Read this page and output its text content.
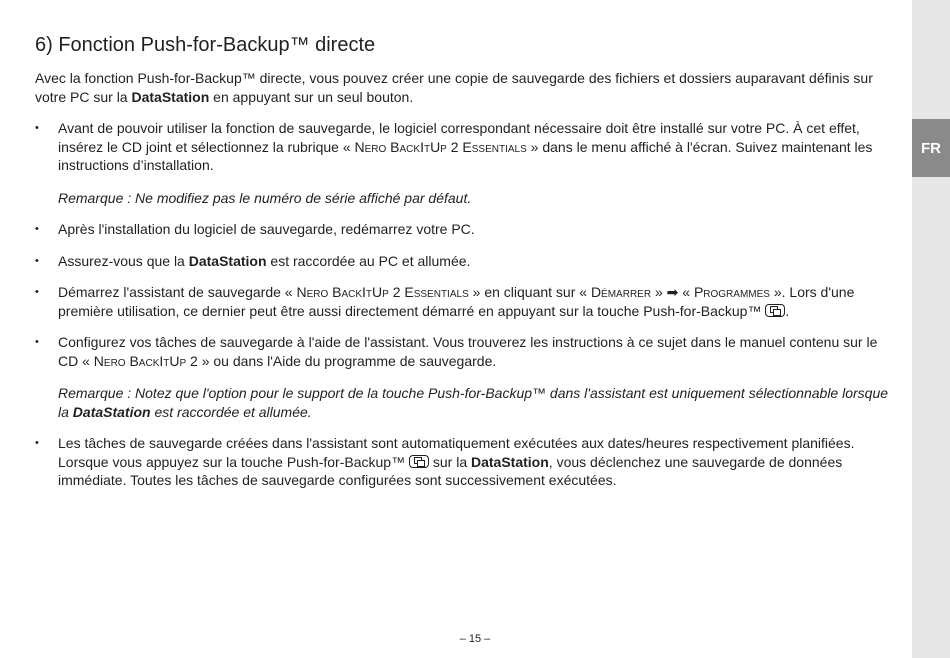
FR
6) Fonction Push-for-Backup™ directe

Avec la fonction Push-for-Backup™ directe, vous pouvez créer une copie de sauvegarde des fichiers et dossiers auparavant définis sur votre PC sur la DataStation en appuyant sur un seul bouton.

• Avant de pouvoir utiliser la fonction de sauvegarde, le logiciel correspondant nécessaire doit être installé sur votre PC. À cet effet, insérez le CD joint et sélectionnez la rubrique « Nero BackItUp 2 Essentials » dans le menu affiché à l'écran. Suivez maintenant les instructions d’installation.
Remarque : Ne modifiez pas le numéro de série affiché par défaut.
• Après l'installation du logiciel de sauvegarde, redémarrez votre PC.
• Assurez-vous que la DataStation est raccordée au PC et allumée.
• Démarrez l'assistant de sauvegarde « Nero BackItUp 2 Essentials » en cliquant sur « Démarrer » ➡ « Programmes ». Lors d'une première utilisation, ce dernier peut être aussi directement démarré en appuyant sur la touche Push-for-Backup™ .
• Configurez vos tâches de sauvegarde à l'aide de l'assistant. Vous trouverez les instructions à ce sujet dans le manuel contenu sur le CD « Nero BackItUp 2 » ou dans l'Aide du programme de sauvegarde.
Remarque : Notez que l'option pour le support de la touche Push-for-Backup™ dans l'assistant est uniquement sélectionnable lorsque la DataStation est raccordée et allumée.
• Les tâches de sauvegarde créées dans l'assistant sont automatiquement exécutées aux dates/heures respectivement planifiées. Lorsque vous appuyez sur la touche Push-for-Backup™  sur la DataStation, vous déclenchez une sauvegarde de données immédiate. Toutes les tâches de sauvegarde configurées sont successivement exécutées.
– 15 –
